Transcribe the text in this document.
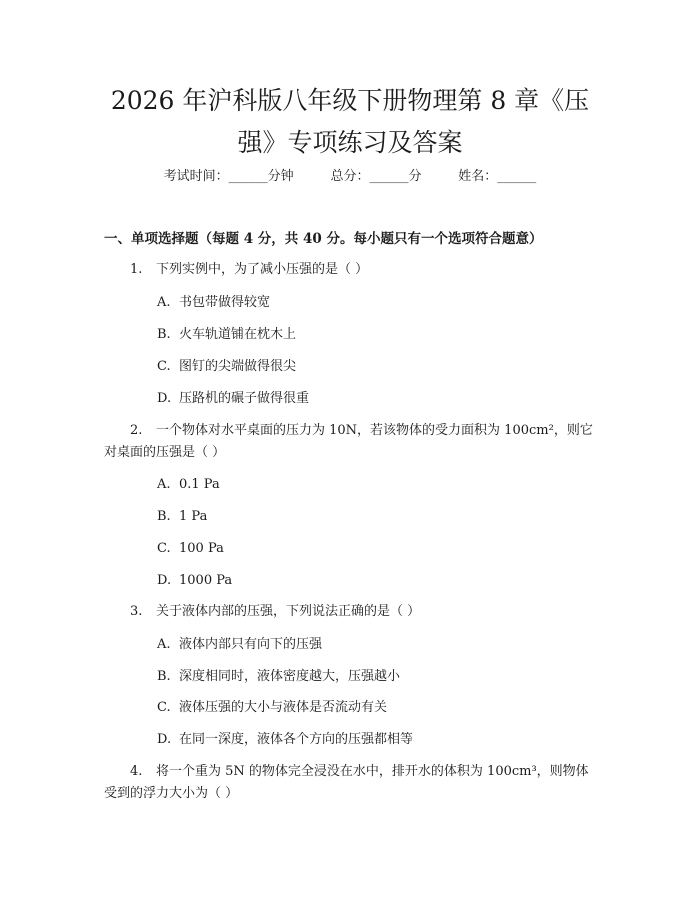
2026 年沪科版八年级下册物理第 8 章《压
强》专项练习及答案
考试时间：______分钟	总分：______分	姓名：______
一、单项选择题（每题 4 分，共 40 分。每小题只有一个选项符合题意）

1. 下列实例中，为了减小压强的是（ ）

A. 书包带做得较宽

B. 火车轨道铺在枕木上

C. 图钉的尖端做得很尖

D. 压路机的碾子做得很重

2. 一个物体对水平桌面的压力为 10N，若该物体的受力面积为 100cm²，则它对桌面的压强是（ ）

A. 0.1 Pa

B. 1 Pa

C. 100 Pa

D. 1000 Pa

3. 关于液体内部的压强，下列说法正确的是（ ）

A. 液体内部只有向下的压强

B. 深度相同时，液体密度越大，压强越小

C. 液体压强的大小与液体是否流动有关

D. 在同一深度，液体各个方向的压强都相等

4. 将一个重为 5N 的物体完全浸没在水中，排开水的体积为 100cm³，则物体受到的浮力大小为（ ）
